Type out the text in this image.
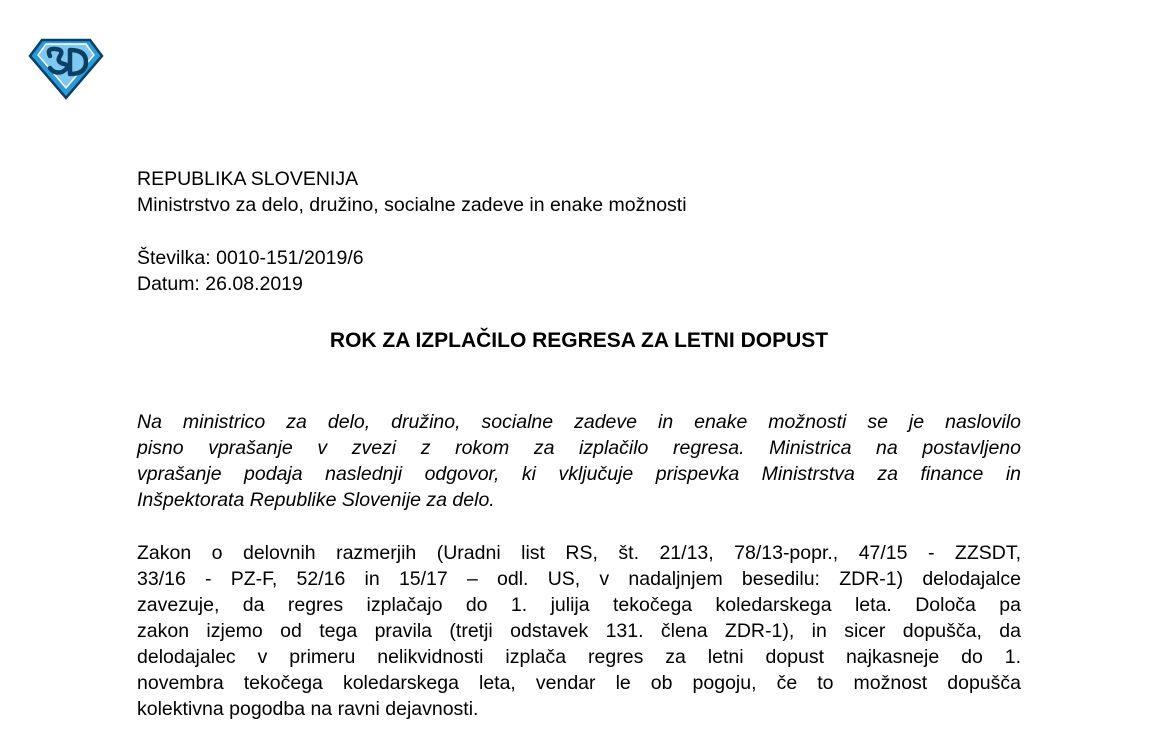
REPUBLIKA SLOVENIJA
Ministrstvo za delo, družino, socialne zadeve in enake možnosti
Številka: 0010-151/2019/6
Datum: 26.08.2019
ROK ZA IZPLAČILO REGRESA ZA LETNI DOPUST
Na ministrico za delo, družino, socialne zadeve in enake možnosti se je naslovilo
pisno vprašanje v zvezi z rokom za izplačilo regresa. Ministrica na postavljeno
vprašanje podaja naslednji odgovor, ki vključuje prispevka Ministrstva za finance in
Inšpektorata Republike Slovenije za delo.
Zakon o delovnih razmerjih (Uradni list RS, št. 21/13, 78/13-popr., 47/15 - ZZSDT,
33/16 - PZ-F, 52/16 in 15/17 – odl. US, v nadaljnjem besedilu: ZDR-1) delodajalce
zavezuje, da regres izplačajo do 1. julija tekočega koledarskega leta. Določa pa
zakon izjemo od tega pravila (tretji odstavek 131. člena ZDR-1), in sicer dopušča, da
delodajalec v primeru nelikvidnosti izplača regres za letni dopust najkasneje do 1.
novembra tekočega koledarskega leta, vendar le ob pogoju, če to možnost dopušča
kolektivna pogodba na ravni dejavnosti.
